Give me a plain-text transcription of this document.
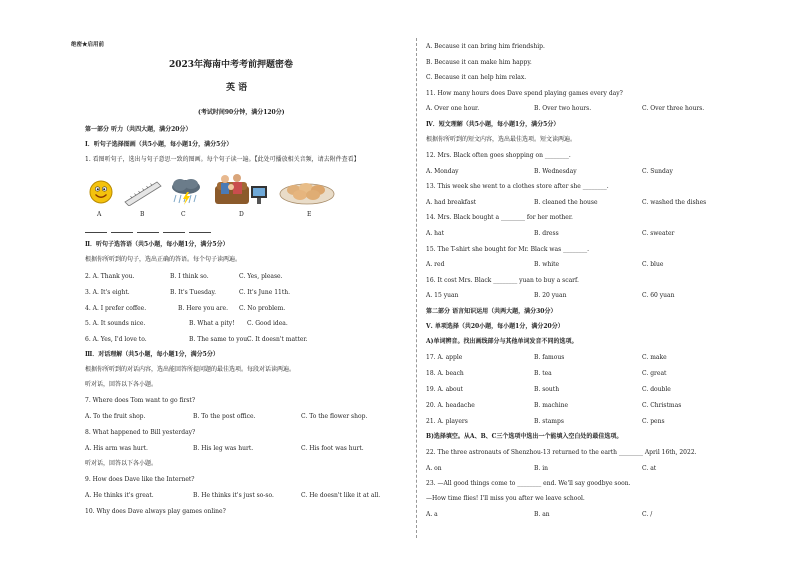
绝密★启用前
2023年海南中考考前押题密卷
英 语
(考试时间90分钟，满分120分)
第一部分 听力（共四大题，满分20分）
Ⅰ．听句子选择图画（共5小题，每小题1分，满分5分）
1. 看图听句子，选出与句子意思一致的图画。每个句子读一遍。【此处可播放相关音频，请去附件查看】
A	B	C	D	E
Ⅱ．听句子选答语（共5小题，每小题1分，满分5分）
根据你所听到的句子，选出正确的答语。每个句子读两遍。
2. A. Thank you.	B. I think so.	C. Yes, please.
3. A. It's eight.	B. It's Tuesday.	C. It's June 11th.
4. A. I prefer coffee.	B. Here you are. C. No problem.
5. A. It sounds nice.	B. What a pity! C. Good idea.
6. A. Yes, I'd love to.	B. The same to you.
C. It doesn't matter.
Ⅲ．对话理解（共5小题，每小题1分，满分5分）
根据你所听到的对话内容，选出能回答所提问题的最佳选项。每段对话读两遍。
听对话，回答以下各小题。
7. Where does Tom want to go first?
A. To the fruit shop.	B. To the post office.	C. To the flower shop.
8. What happened to Bill yesterday?
A. His arm was hurt.	B. His leg was hurt.	C. His foot was hurt.
听对话，回答以下各小题。
9. How does Dave like the Internet?
A. He thinks it's great.	B. He thinks it's just so-so.	C. He doesn't like it at all.
10. Why does Dave always play games online?
A. Because it can bring him friendship.
B. Because it can make him happy.
C. Because it can help him relax.
11. How many hours does Dave spend playing games every day?
A. Over one hour.	B. Over two hours.	C. Over three hours.
Ⅳ．短文理解（共5小题，每小题1分，满分5分）
根据你所听到的短文内容，选出最佳选项。短文读两遍。
12. Mrs. Black often goes shopping on ________.
A. Monday	B. Wednesday	C. Sunday
13. This week she went to a clothes store after she ________.
A. had breakfast	B. cleaned the house	C. washed the dishes
14. Mrs. Black bought a ________ for her mother.
A. hat	B. dress	C. sweater
15. The T-shirt she bought for Mr. Black was ________.
A. red	B. white	C. blue
16. It cost Mrs. Black ________ yuan to buy a scarf.
A. 15 yuan	B. 20 yuan	C. 60 yuan
第二部分 语言知识运用（共两大题，满分30分）
Ⅴ. 单项选择（共20小题，每小题1分，满分20分）
A)单词辨音。找出画线部分与其他单词发音不同的选项。
17. A. apple	B. famous	C. make
18. A. beach	B. tea	C. great
19. A. about	B. south	C. double
20. A. headache	B. machine	C. Christmas
21. A. players	B. stamps	C. pens
B)选择填空。从A、B、C三个选项中选出一个能填入空白处的最佳选项。
22. The three astronauts of Shenzhou-13 returned to the earth ________ April 16th, 2022.
A. on	B. in	C. at
23. —All good things come to ________ end. We'll say goodbye soon.
—How time flies! I'll miss you after we leave school.
A. a	B. an	C. /
